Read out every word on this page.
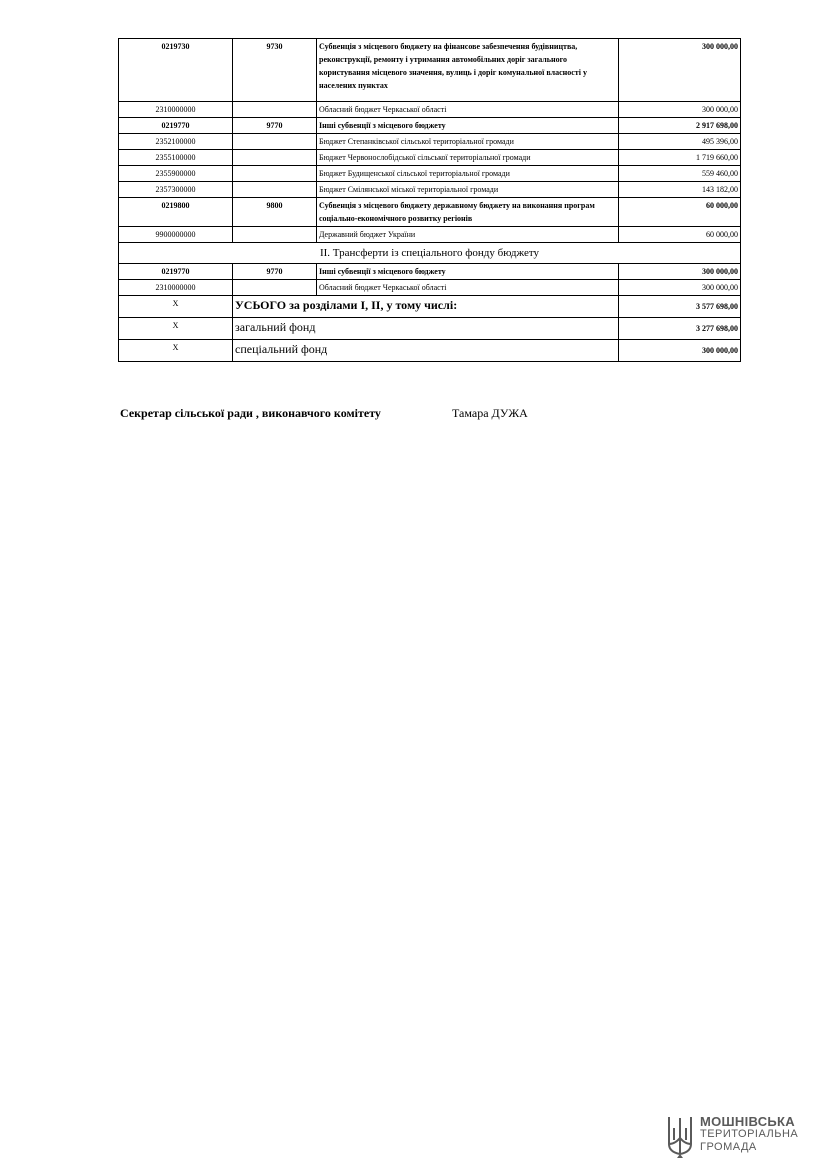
0219730	9730	Субвенція з місцевого бюджету на фінансове забезпечення будівництва, реконструкції, ремонту і утримання автомобільних доріг загального користування місцевого значення, вулиць і доріг комунальної власності у населених пунктах	300 000,00
2310000000		Обласний бюджет Черкаської області	300 000,00
0219770	9770	Інші субвенції з місцевого бюджету	2 917 698,00
2352100000		Бюджет Степанківської сільської територіальної громади	495 396,00
2355100000		Бюджет Червонослобідської сільської територіальної громади	1 719 660,00
2355900000		Бюджет Будищенської сільської територіальної громади	559 460,00
2357300000		Бюджет Смілянської міської територіальної громади	143 182,00
0219800	9800	Субвенція з місцевого бюджету державному бюджету на виконання програм соціально-економічного розвитку регіонів	60 000,00
9900000000		Державний бюджет України	60 000,00
ІІ. Трансферти із спеціального фонду бюджету			
0219770	9770	Інші субвенції з місцевого бюджету	300 000,00
2310000000		Обласний бюджет Черкаської області	300 000,00
Х	УСЬОГО за розділами І, ІІ, у тому числі:		3 577 698,00
Х	загальний фонд		3 277 698,00
Х	спеціальний фонд		300 000,00
Секретар сільської ради , виконавчого комітету	Тамара ДУЖА
МОШНІВСЬКА
ТЕРИТОРІАЛЬНА
ГРОМАДА
